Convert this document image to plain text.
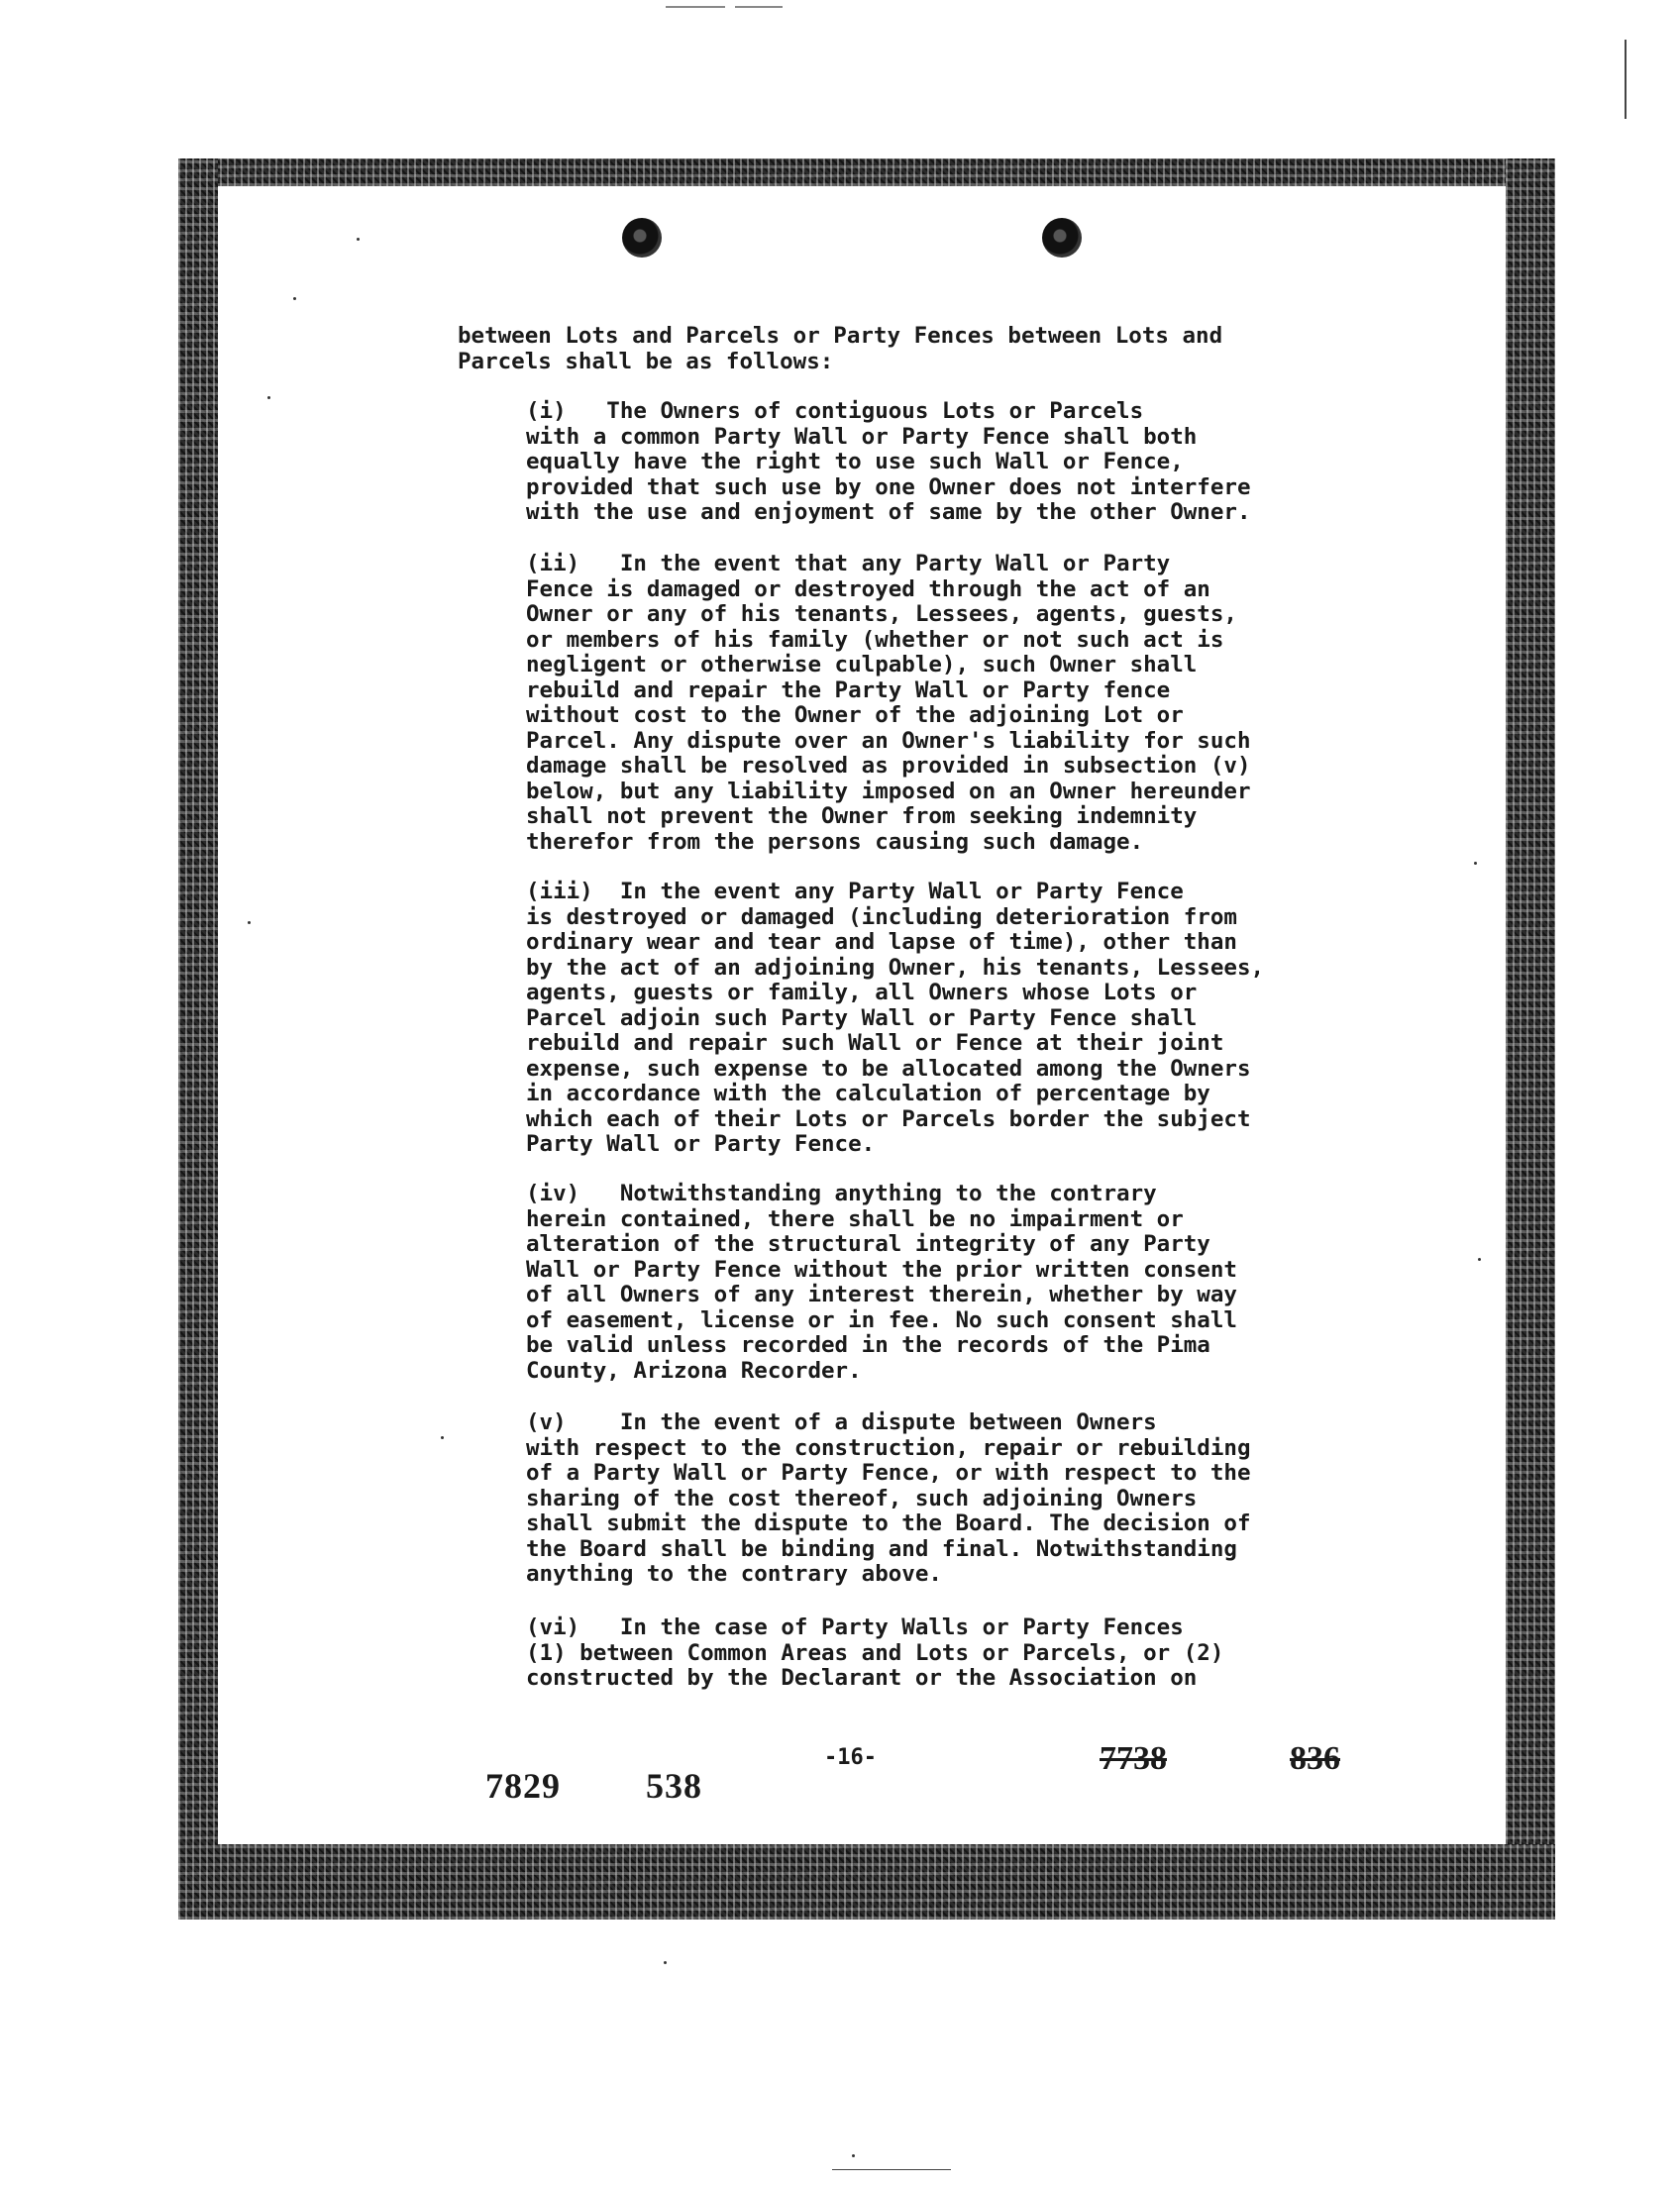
between Lots and Parcels or Party Fences between Lots and
Parcels shall be as follows:
(i)   The Owners of contiguous Lots or Parcels
with a common Party Wall or Party Fence shall both
equally have the right to use such Wall or Fence,
provided that such use by one Owner does not interfere
with the use and enjoyment of same by the other Owner.
(ii)   In the event that any Party Wall or Party
Fence is damaged or destroyed through the act of an
Owner or any of his tenants, Lessees, agents, guests,
or members of his family (whether or not such act is
negligent or otherwise culpable), such Owner shall
rebuild and repair the Party Wall or Party fence
without cost to the Owner of the adjoining Lot or
Parcel. Any dispute over an Owner's liability for such
damage shall be resolved as provided in subsection (v)
below, but any liability imposed on an Owner hereunder
shall not prevent the Owner from seeking indemnity
therefor from the persons causing such damage.
(iii)  In the event any Party Wall or Party Fence
is destroyed or damaged (including deterioration from
ordinary wear and tear and lapse of time), other than
by the act of an adjoining Owner, his tenants, Lessees,
agents, guests or family, all Owners whose Lots or
Parcel adjoin such Party Wall or Party Fence shall
rebuild and repair such Wall or Fence at their joint
expense, such expense to be allocated among the Owners
in accordance with the calculation of percentage by
which each of their Lots or Parcels border the subject
Party Wall or Party Fence.
(iv)   Notwithstanding anything to the contrary
herein contained, there shall be no impairment or
alteration of the structural integrity of any Party
Wall or Party Fence without the prior written consent
of all Owners of any interest therein, whether by way
of easement, license or in fee. No such consent shall
be valid unless recorded in the records of the Pima
County, Arizona Recorder.
(v)    In the event of a dispute between Owners
with respect to the construction, repair or rebuilding
of a Party Wall or Party Fence, or with respect to the
sharing of the cost thereof, such adjoining Owners
shall submit the dispute to the Board. The decision of
the Board shall be binding and final. Notwithstanding
anything to the contrary above.
(vi)   In the case of Party Walls or Party Fences
(1) between Common Areas and Lots or Parcels, or (2)
constructed by the Declarant or the Association on
-16-
7829 538
7738	836
